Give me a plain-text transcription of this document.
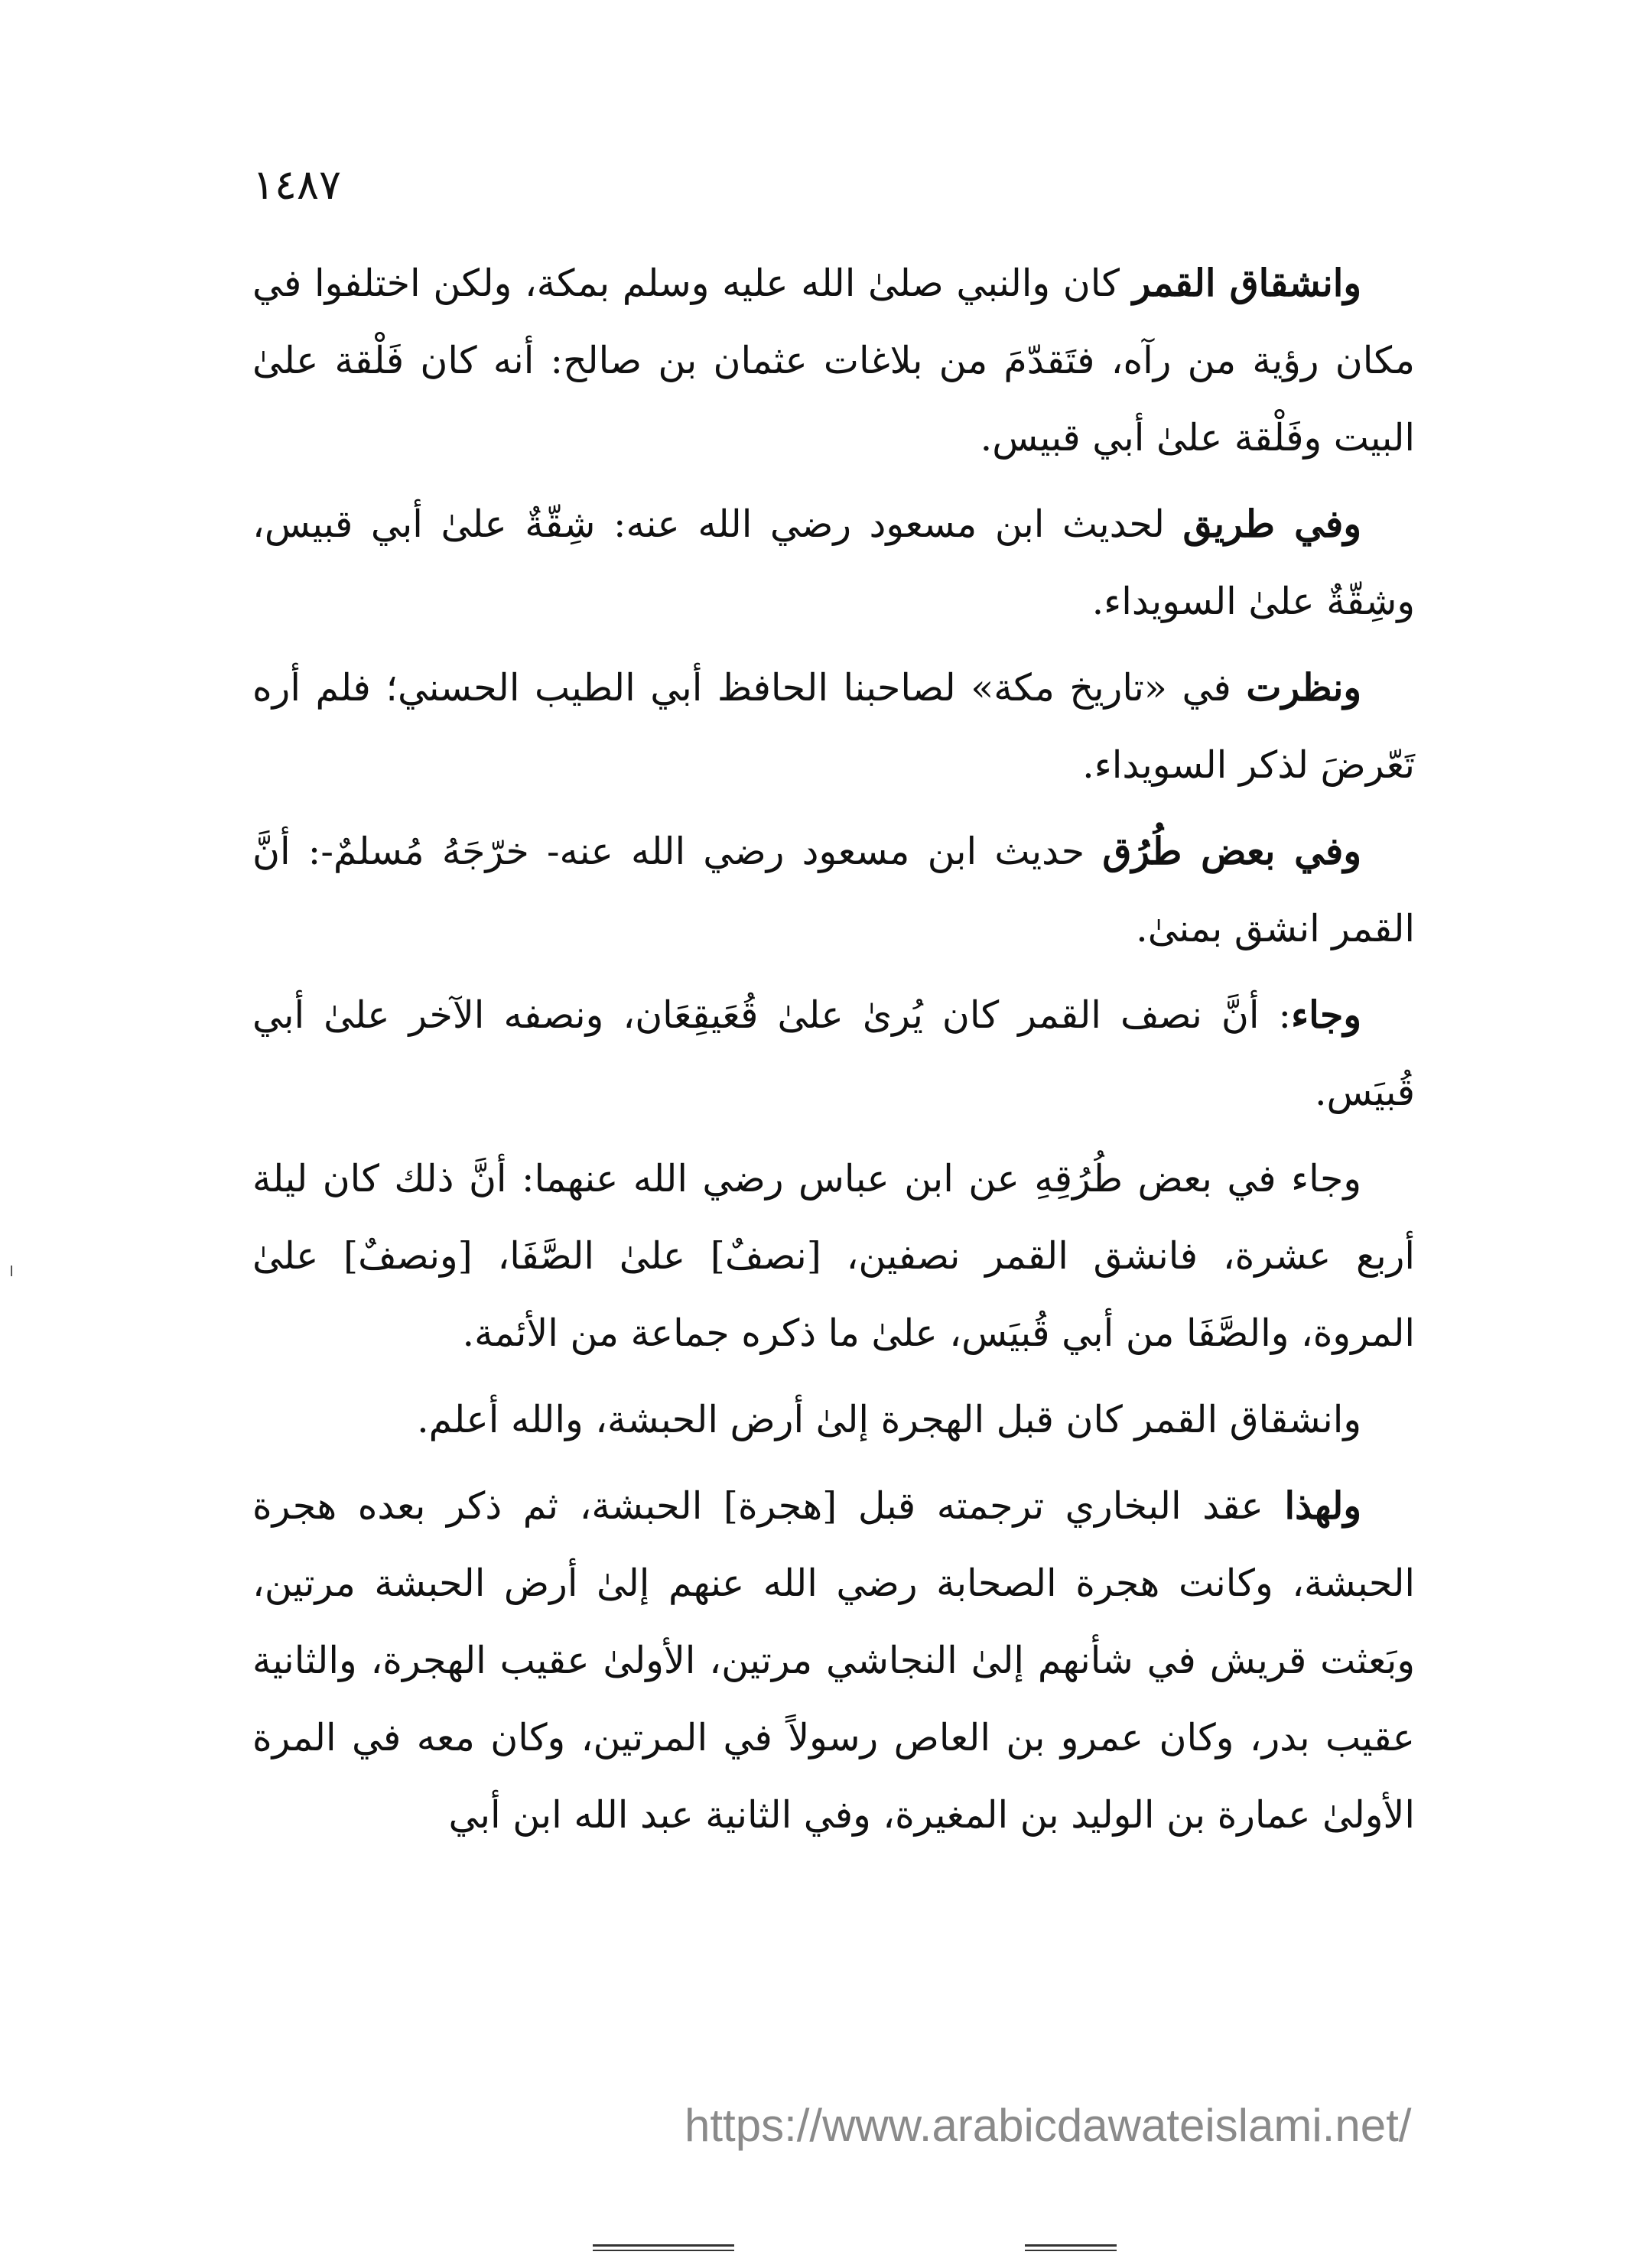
١٤٨٧

وانشقاق القمر كان والنبي صلىٰ الله عليه وسلم بمكة، ولكن اختلفوا في مكان رؤية من رآه، فتَقدّمَ من بلاغات عثمان بن صالح: أنه كان فَلْقة علىٰ البيت وفَلْقة علىٰ أبي قبيس.

وفي طريق لحديث ابن مسعود رضي الله عنه: شِقّةٌ علىٰ أبي قبيس، وشِقّةٌ علىٰ السويداء.

ونظرت في «تاريخ مكة» لصاحبنا الحافظ أبي الطيب الحسني؛ فلم أره تَعّرضَ لذكر السويداء.

وفي بعض طُرُق حديث ابن مسعود رضي الله عنه- خرّجَهُ مُسلمٌ-: أنَّ القمر انشق بمنىٰ.

وجاء: أنَّ نصف القمر كان يُرىٰ علىٰ قُعَيقِعَان، ونصفه الآخر علىٰ أبي قُبيَس.

وجاء في بعض طُرُقِهِ عن ابن عباس رضي الله عنهما: أنَّ ذلك كان ليلة أربع عشرة، فانشق القمر نصفين، [نصفٌ] علىٰ الصَّفَا، [ونصفٌ] علىٰ المروة، والصَّفَا من أبي قُبيَس، علىٰ ما ذكره جماعة من الأئمة.

وانشقاق القمر كان قبل الهجرة إلىٰ أرض الحبشة، والله أعلم.

ولهذا عقد البخاري ترجمته قبل [هجرة] الحبشة، ثم ذكر بعده هجرة الحبشة، وكانت هجرة الصحابة رضي الله عنهم إلىٰ أرض الحبشة مرتين، وبَعثت قريش في شأنهم إلىٰ النجاشي مرتين، الأولىٰ عقيب الهجرة، والثانية عقيب بدر، وكان عمرو بن العاص رسولاً في المرتين، وكان معه في المرة الأولىٰ عمارة بن الوليد بن المغيرة، وفي الثانية عبد الله ابن أبي

https://www.arabicdawateislami.net/
